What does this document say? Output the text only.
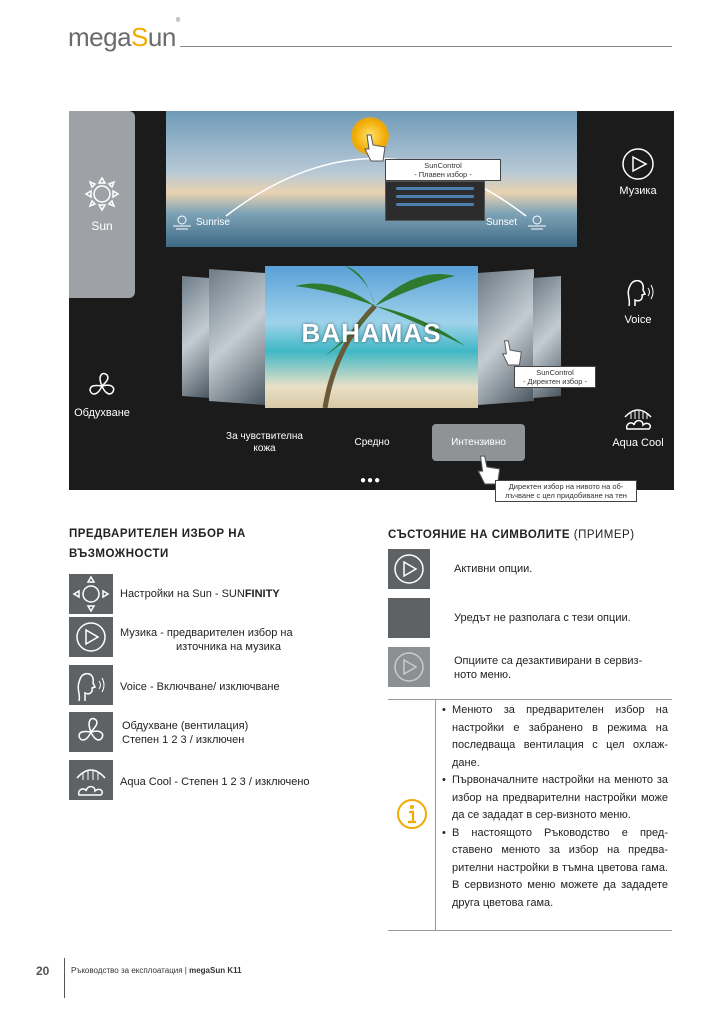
megaSun®
Sun	Sunrise	Sunset
SunControl
- Плавен избор -
Музика
Voice
Aqua Cool
Обдухване
BAHAMAS
SunControl
- Директен избор -
За чувствителна
кожа
Средно	Интензивно
●●●
Директен избор на нивото на об-
лъчване с цел придобиване на тен
ПРЕДВАРИТЕЛЕН ИЗБОР НА
ВЪЗМОЖНОСТИ
Настройки на Sun - SUNFINITY
Музика - предварителен избор на
източника на музика
Voice - Включване/ изключване
Обдухване (вентилация)
Степен 1 2 3 / изключен
Aqua Cool - Степен 1 2 3 / изключено
СЪСТОЯНИЕ НА СИМВОЛИТЕ (ПРИМЕР)
Активни опции.
Уредът не разполага с тези опции.
Опциите са дезактивирани в сервиз-
ното меню.
• Менюто за предварителен избор на настройки е забранено в режима на последваща вентилация с цел охлаж-дане.
• Първоначалните настройки на менюто за избор на предварителни настройки може да се зададат в сер-визното меню.
• В настоящото Ръководство е пред-ставено менюто за избор на предва-рителни настройки в тъмна цветова гама. В сервизното меню можете да зададете друга цветова гама.
20	Ръководство за експлоатация | megaSun K11
